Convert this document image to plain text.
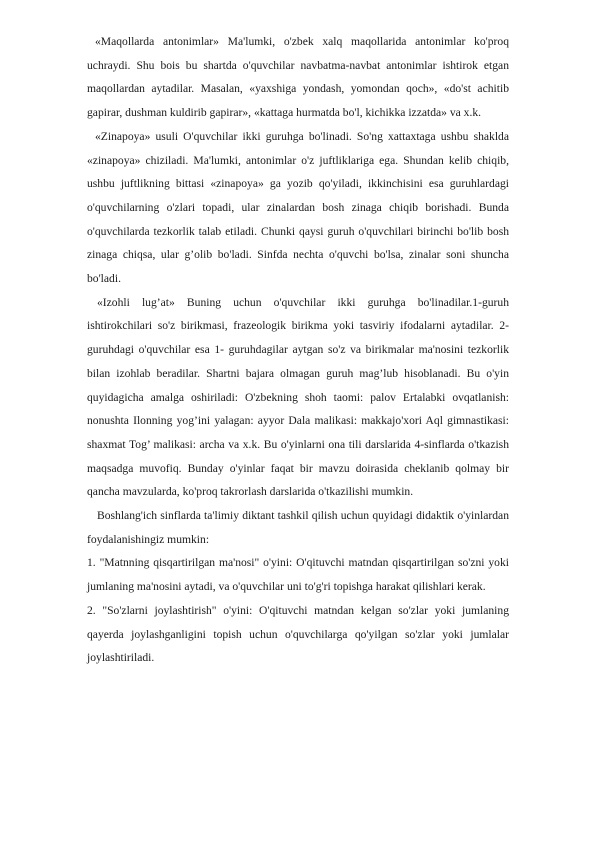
«Maqollarda antonimlar» Ma'lumki, o'zbek xalq maqollarida antonimlar ko'proq uchraydi. Shu bois bu shartda o'quvchilar navbatma-navbat antonimlar ishtirok etgan maqollardan aytadilar. Masalan, «yaxshiga yondash, yomondan qoch», «do'st achitib gapirar, dushman kuldirib gapirar», «kattaga hurmatda bo'l, kichikka izzatda» va x.k.

«Zinapoya» usuli O'quvchilar ikki guruhga bo'linadi. So'ng xattaxtaga ushbu shaklda «zinapoya» chiziladi. Ma'lumki, antonimlar o'z juftliklariga ega. Shundan kelib chiqib, ushbu juftlikning bittasi «zinapoya» ga yozib qo'yiladi, ikkinchisini esa guruhlardagi o'quvchilarning o'zlari topadi, ular zinalardan bosh zinaga chiqib borishadi. Bunda o'quvchilarda tezkorlik talab etiladi. Chunki qaysi guruh o'quvchilari birinchi bo'lib bosh zinaga chiqsa, ular g’olib bo'ladi. Sinfda nechta o'quvchi bo'lsa, zinalar soni shuncha bo'ladi.

«Izohli lug’at» Buning uchun o'quvchilar ikki guruhga bo'linadilar.1-guruh ishtirokchilari so'z birikmasi, frazeologik birikma yoki tasviriy ifodalarni aytadilar. 2-guruhdagi o'quvchilar esa 1- guruhdagilar aytgan so'z va birikmalar ma'nosini tezkorlik bilan izohlab beradilar. Shartni bajara olmagan guruh mag’lub hisoblanadi. Bu o'yin quyidagicha amalga oshiriladi: O'zbekning shoh taomi: palov Ertalabki ovqatlanish: nonushta Ilonning yog’ini yalagan: ayyor Dala malikasi: makkajo'xori Aql gimnastikasi: shaxmat Tog’ malikasi: archa va x.k. Bu o'yinlarni ona tili darslarida 4-sinflarda o'tkazish maqsadga muvofiq. Bunday o'yinlar faqat bir mavzu doirasida cheklanib qolmay bir qancha mavzularda, ko'proq takrorlash darslarida o'tkazilishi mumkin.

Boshlang'ich sinflarda ta'limiy diktant tashkil qilish uchun quyidagi didaktik o'yinlardan foydalanishingiz mumkin:

1. "Matnning qisqartirilgan ma'nosi" o'yini: O'qituvchi matndan qisqartirilgan so'zni yoki jumlaning ma'nosini aytadi, va o'quvchilar uni to'g'ri topishga harakat qilishlari kerak.

2. "So'zlarni joylashtirish" o'yini: O'qituvchi matndan kelgan so'zlar yoki jumlaning qayerda joylashganligini topish uchun o'quvchilarga qo'yilgan so'zlar yoki jumlalar joylashtiriladi.
